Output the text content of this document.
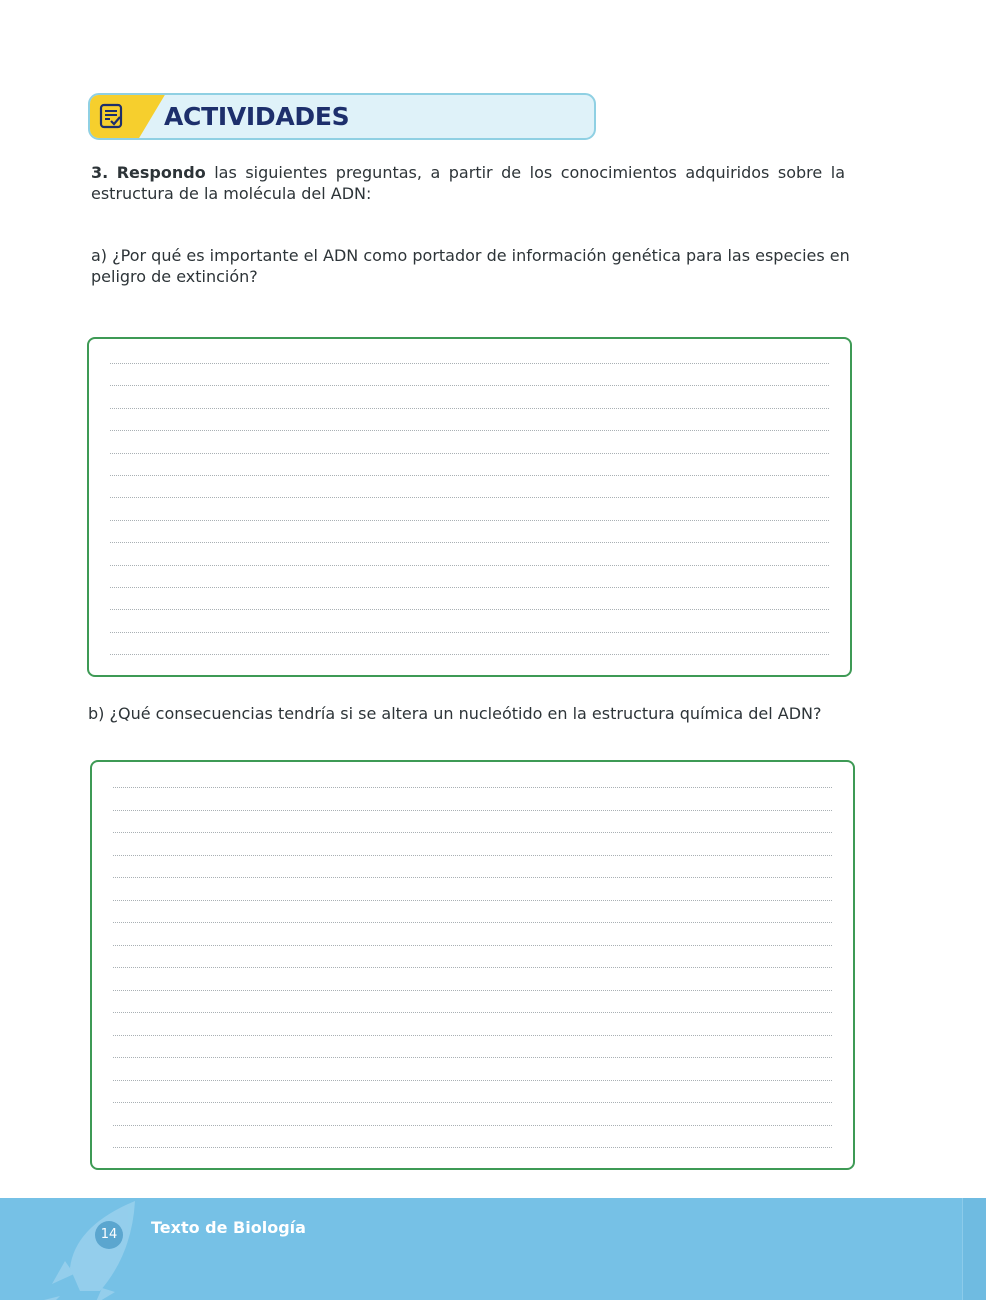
ACTIVIDADES

3. Respondo las siguientes preguntas, a partir de los conocimientos adquiridos sobre la estructura de la molécula del ADN:

a) ¿Por qué es importante el ADN como portador de información genética para las especies en peligro de extinción?

b) ¿Qué consecuencias tendría si se altera un nucleótido en la estructura química del ADN?

14	Texto de Biología
